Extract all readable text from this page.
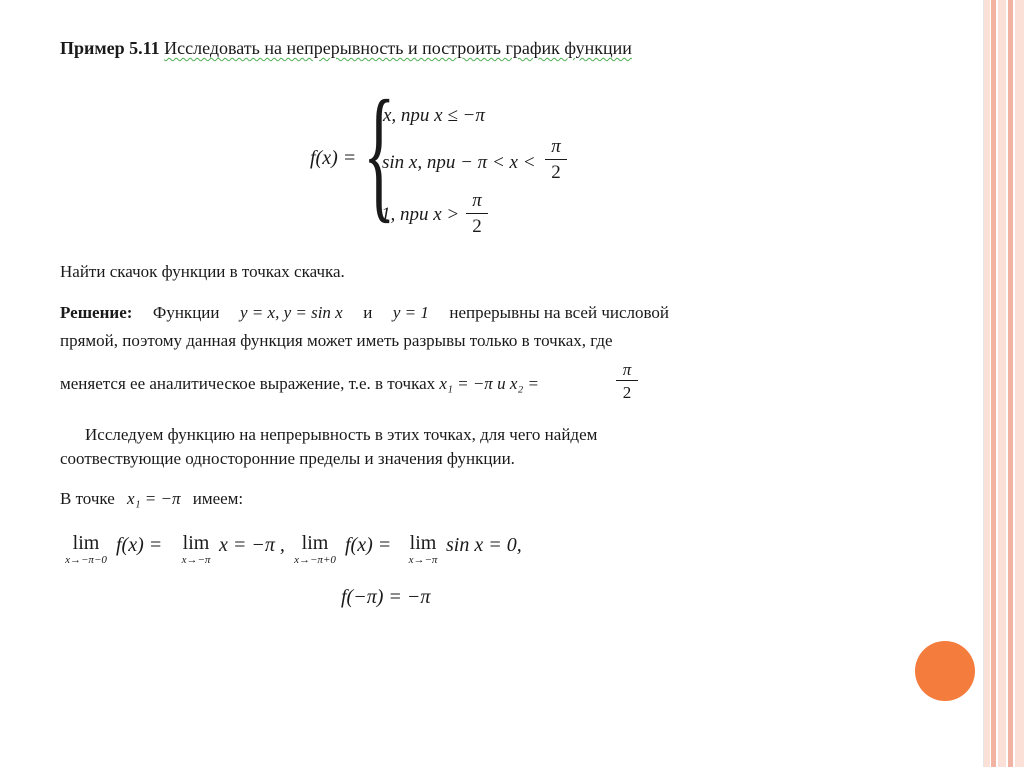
Пример 5.11 Исследовать на непрерывность и построить график функции
f(x) = {
x, при x ≤ −π
sin x, при − π < x <
π
2
1, при x >
π
2
Найти скачок функции в точках скачка.
Решение: Функции y = x, y = sin x и y = 1 непрерывны на всей числовой
прямой, поэтому данная функция может иметь разрывы только в точках, где
меняется ее аналитическое выражение, т.е. в точках x₁ = −π и x₂ =
π
2
Исследуем функцию на непрерывность в этих точках, для чего найдем
соотвествующие односторонние пределы и значения функции.
В точке x₁ = −π имеем:
lim
x→−π−0
f(x) =	lim
x→−π
x = −π , lim
x→−π+0
f(x) = lim
x→−π
sin x = 0,
f(−π) = −π
